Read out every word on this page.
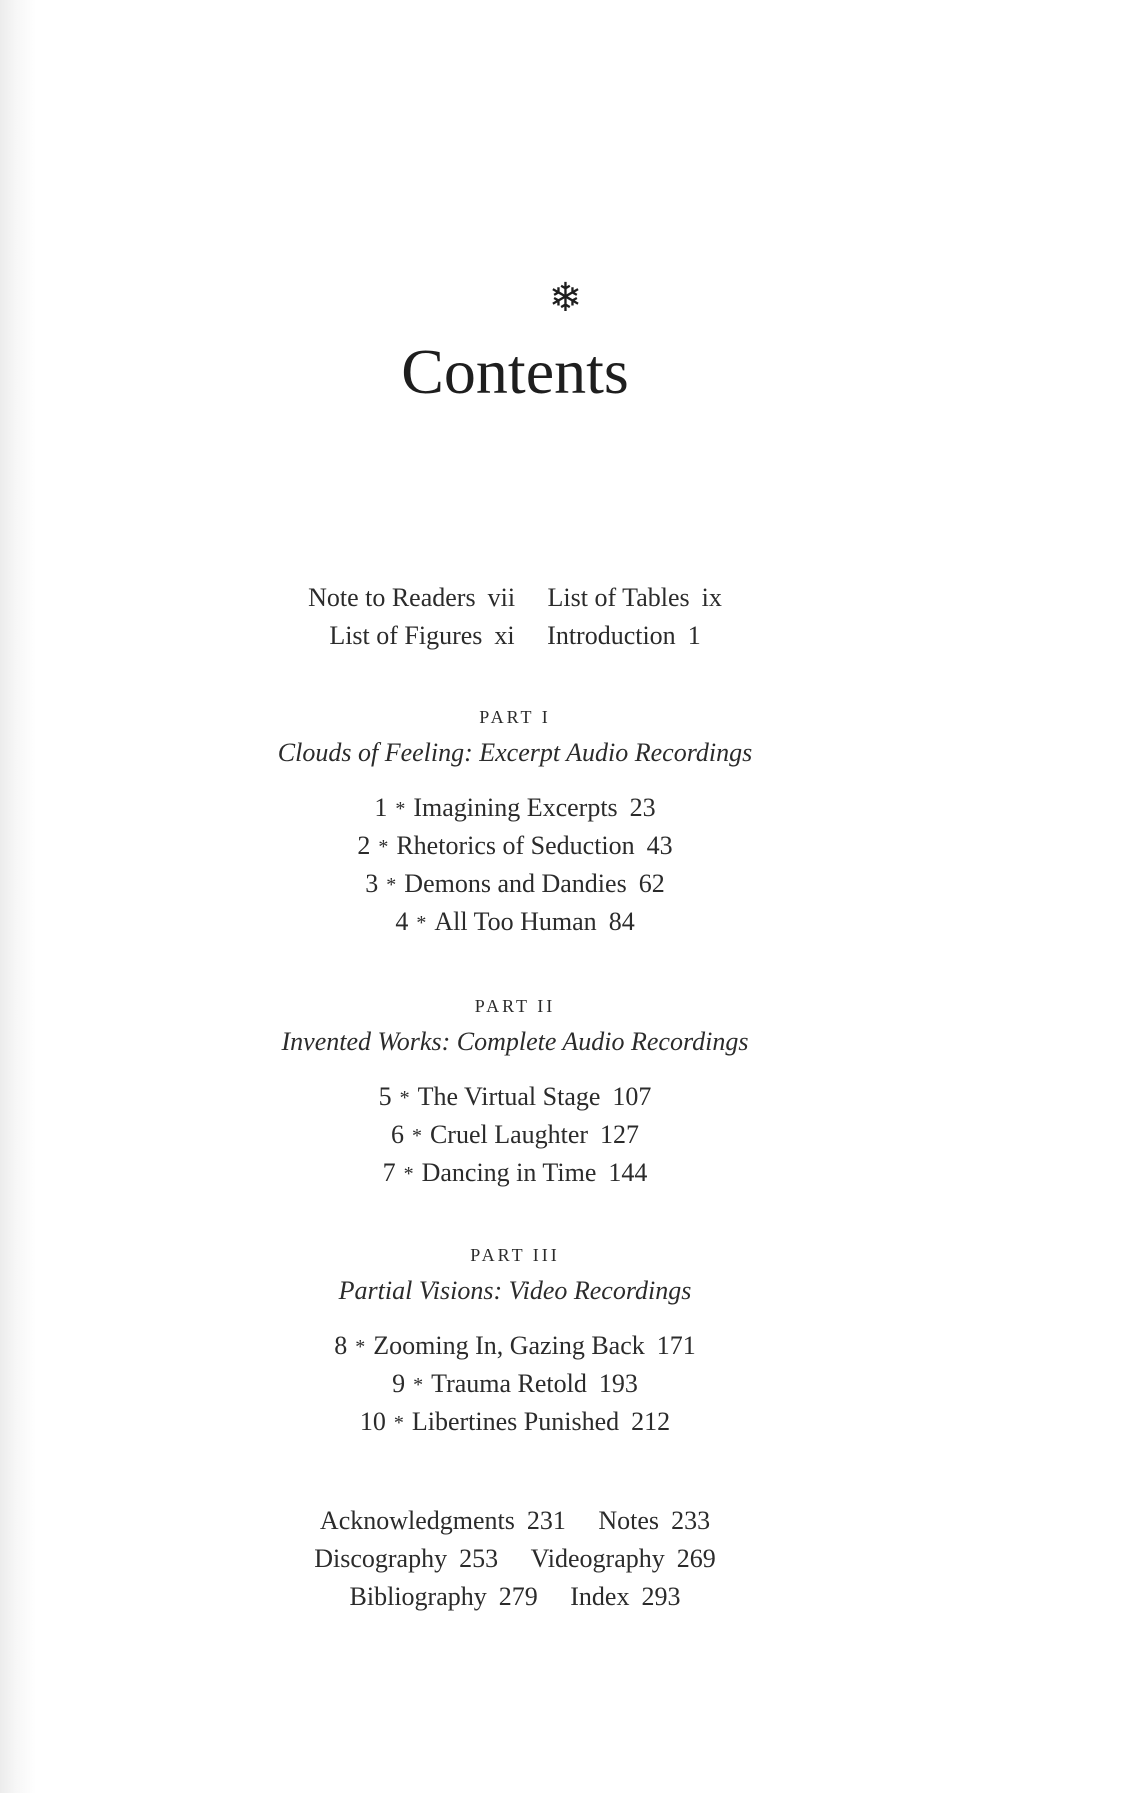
❄
Contents
Note to Readers vii List of Tables ix
List of Figures xi Introduction 1
PART I
Clouds of Feeling: Excerpt Audio Recordings
1 * Imagining Excerpts 23
2 * Rhetorics of Seduction 43
3 * Demons and Dandies 62
4 * All Too Human 84
PART II
Invented Works: Complete Audio Recordings
5 * The Virtual Stage 107
6 * Cruel Laughter 127
7 * Dancing in Time 144
PART III
Partial Visions: Video Recordings
8 * Zooming In, Gazing Back 171
9 * Trauma Retold 193
10 * Libertines Punished 212
Acknowledgments 231 Notes 233
Discography 253 Videography 269
Bibliography 279 Index 293
